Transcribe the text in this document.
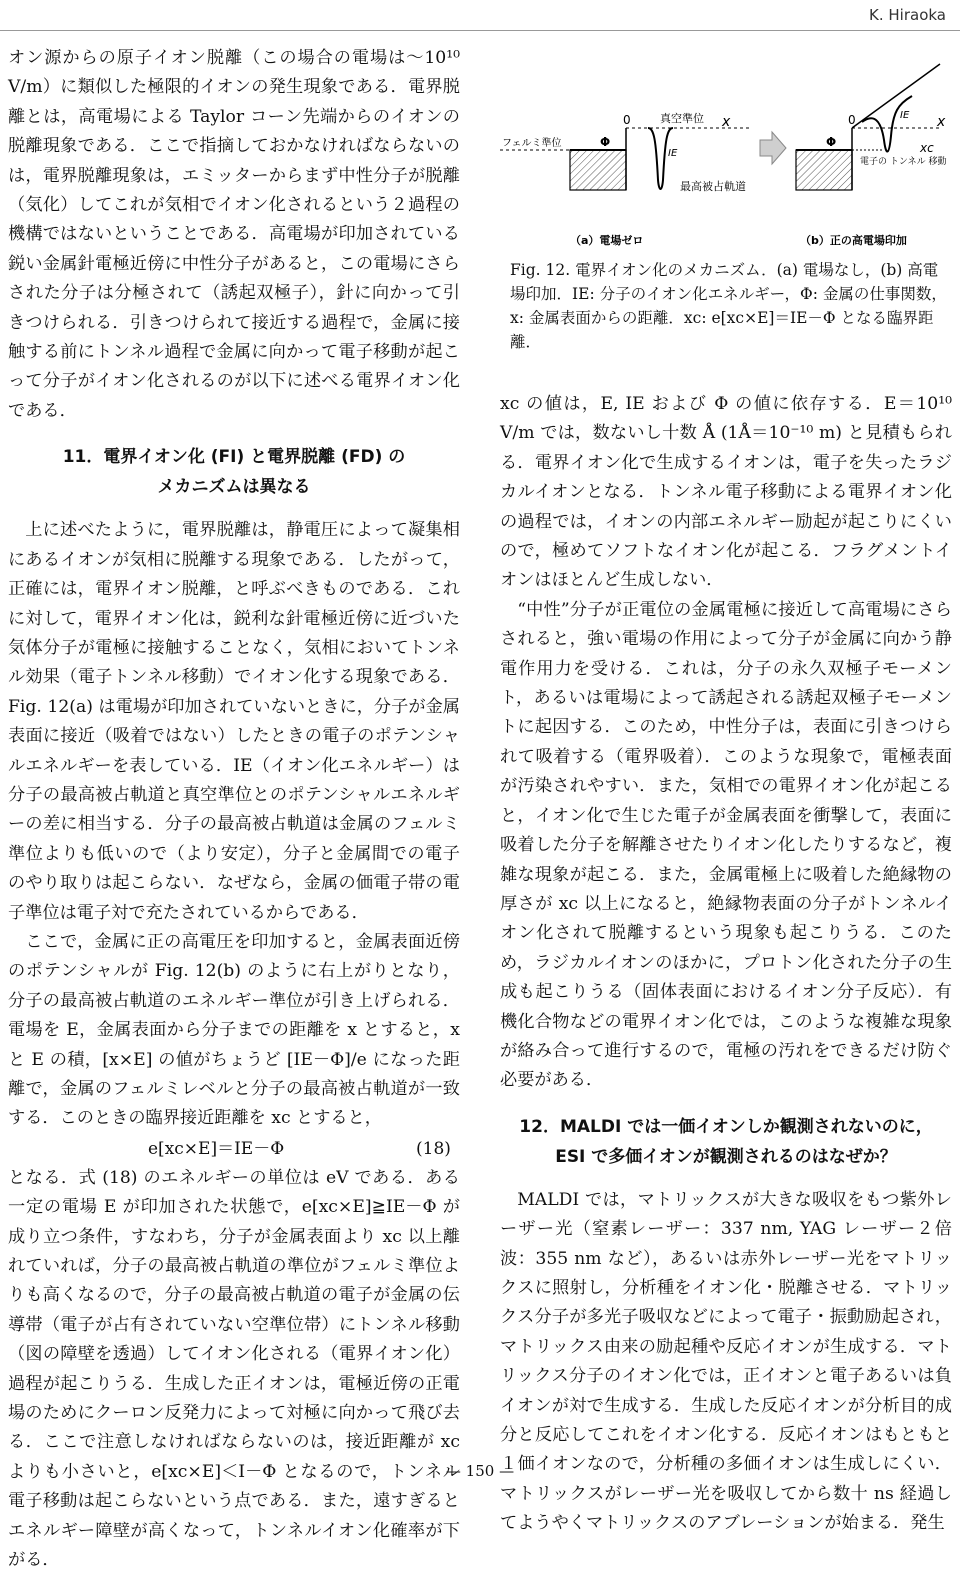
K. Hiraoka

オン源からの原子イオン脱離（この場合の電場は～10¹⁰ V/m）に類似した極限的イオンの発生現象である．電界脱離とは，高電場による Taylor コーン先端からのイオンの脱離現象である．ここで指摘しておかなければならないのは，電界脱離現象は，エミッターからまず中性分子が脱離（気化）してこれが気相でイオン化されるという２過程の機構ではないということである．高電場が印加されている鋭い金属針電極近傍に中性分子があると，この電場にさらされた分子は分極されて（誘起双極子），針に向かって引きつけられる．引きつけられて接近する過程で，金属に接触する前にトンネル過程で金属に向かって電子移動が起こって分子がイオン化されるのが以下に述べる電界イオン化である．

11．電界イオン化 (FI) と電界脱離 (FD) の
メカニズムは異なる

上に述べたように，電界脱離は，静電圧によって凝集相にあるイオンが気相に脱離する現象である．したがって，正確には，電界イオン脱離，と呼ぶべきものである．これに対して，電界イオン化は，鋭利な針電極近傍に近づいた気体分子が電極に接触することなく，気相においてトンネル効果（電子トンネル移動）でイオン化する現象である．Fig. 12(a) は電場が印加されていないときに，分子が金属表面に接近（吸着ではない）したときの電子のポテンシャルエネルギーを表している．IE（イオン化エネルギー）は分子の最高被占軌道と真空準位とのポテンシャルエネルギーの差に相当する．分子の最高被占軌道は金属のフェルミ準位よりも低いので（より安定），分子と金属間での電子のやり取りは起こらない．なぜなら，金属の価電子帯の電子準位は電子対で充たされているからである．

ここで，金属に正の高電圧を印加すると，金属表面近傍のポテンシャルが Fig. 12(b) のように右上がりとなり，分子の最高被占軌道のエネルギー準位が引き上げられる．電場を E，金属表面から分子までの距離を x とすると，x と E の積，[x×E] の値がちょうど [IE－Φ]/e になった距離で，金属のフェルミレベルと分子の最高被占軌道が一致する．このときの臨界接近距離を xc とすると，

e[xc×E]＝IE－Φ	(18)

となる．式 (18) のエネルギーの単位は eV である．ある一定の電場 E が印加された状態で，e[xc×E]≧IE－Φ が成り立つ条件，すなわち，分子が金属表面より xc 以上離れていれば，分子の最高被占軌道の準位がフェルミ準位よりも高くなるので，分子の最高被占軌道の電子が金属の伝導帯（電子が占有されていない空準位帯）にトンネル移動（図の障壁を透過）してイオン化される（電界イオン化）過程が起こりうる．生成した正イオンは，電極近傍の正電場のためにクーロン反発力によって対極に向かって飛び去る．ここで注意しなければならないのは，接近距離が xc よりも小さいと，e[xc×E]＜I－Φ となるので，トンネル電子移動は起こらないという点である．また，遠すぎるとエネルギー障壁が高くなって，トンネルイオン化確率が下がる．

フェルミ準位	Φ
0	真空準位 x
IE
最高被占軌道
（a）電場ゼロ
Φ
0	x
IE
xc
電子の トンネル 移動
（b）正の高電場印加
Fig. 12. 電界イオン化のメカニズム．(a) 電場なし，(b) 高電場印加．IE: 分子のイオン化エネルギー，Φ: 金属の仕事関数，x: 金属表面からの距離．xc: e[xc×E]＝IE－Φ となる臨界距離．

xc の値は，E, IE および Φ の値に依存する．E＝10¹⁰ V/m では，数ないし十数 Å (1Å＝10⁻¹⁰ m) と見積もられる．電界イオン化で生成するイオンは，電子を失ったラジカルイオンとなる．トンネル電子移動による電界イオン化の過程では，イオンの内部エネルギー励起が起こりにくいので，極めてソフトなイオン化が起こる．フラグメントイオンはほとんど生成しない．

“中性”分子が正電位の金属電極に接近して高電場にさらされると，強い電場の作用によって分子が金属に向かう静電作用力を受ける．これは，分子の永久双極子モーメント，あるいは電場によって誘起される誘起双極子モーメントに起因する．このため，中性分子は，表面に引きつけられて吸着する（電界吸着）．このような現象で，電極表面が汚染されやすい．また，気相での電界イオン化が起こると，イオン化で生じた電子が金属表面を衝撃して，表面に吸着した分子を解離させたりイオン化したりするなど，複雑な現象が起こる．また，金属電極上に吸着した絶縁物の厚さが xc 以上になると，絶縁物表面の分子がトンネルイオン化されて脱離するという現象も起こりうる．このため，ラジカルイオンのほかに，プロトン化された分子の生成も起こりうる（固体表面におけるイオン分子反応）．有機化合物などの電界イオン化では，このような複雑な現象が絡み合って進行するので，電極の汚れをできるだけ防ぐ必要がある．

12．MALDI では一価イオンしか観測されないのに，
ESI で多価イオンが観測されるのはなぜか？

MALDI では，マトリックスが大きな吸収をもつ紫外レーザー光（窒素レーザー：337 nm, YAG レーザー２倍波：355 nm など），あるいは赤外レーザー光をマトリックスに照射し，分析種をイオン化・脱離させる．マトリックス分子が多光子吸収などによって電子・振動励起され，マトリックス由来の励起種や反応イオンが生成する．マトリックス分子のイオン化では，正イオンと電子あるいは負イオンが対で生成する．生成した反応イオンが分析目的成分と反応してこれをイオン化する．反応イオンはもともと１価イオンなので，分析種の多価イオンは生成しにくい．マトリックスがレーザー光を吸収してから数十 ns 経過してようやくマトリックスのアブレーションが始まる．発生

— 150 —
